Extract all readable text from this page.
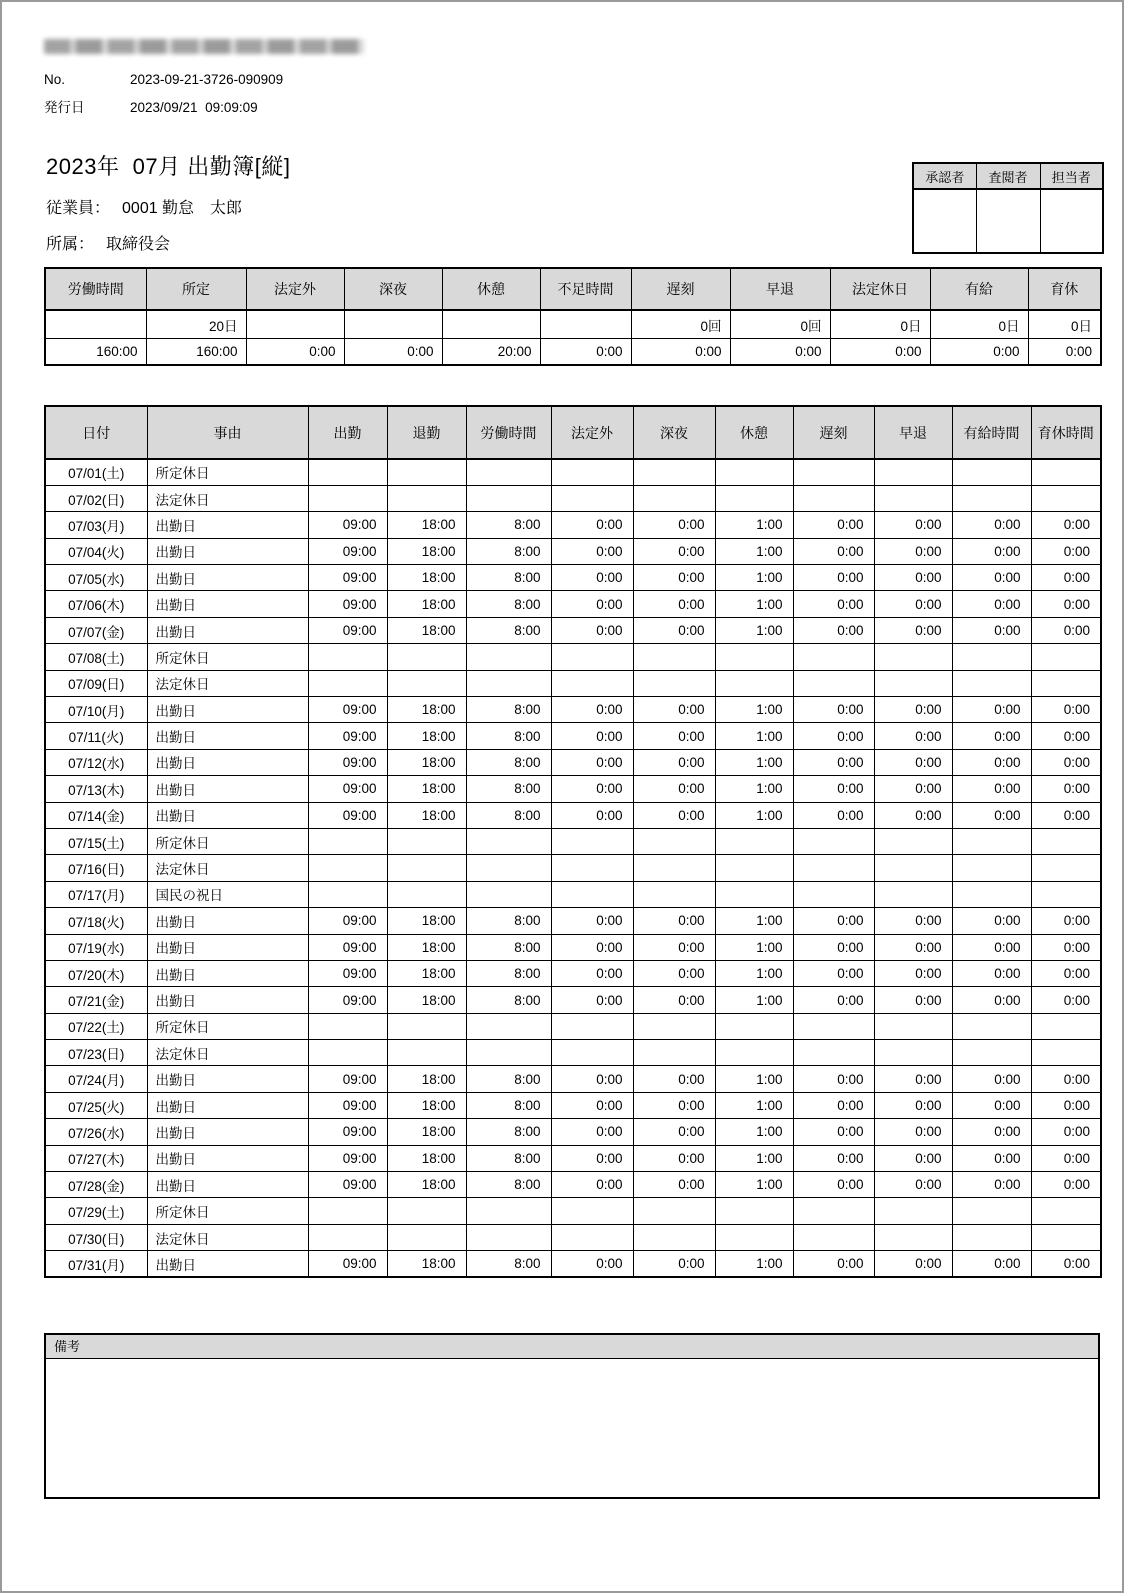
No.	2023-09-21-3726-090909
発行日	2023/09/21  09:09:09
2023年  07月 出勤簿[縦]
従業員： 0001 勤怠　太郎
所属： 取締役会
承認者	査閲者	担当者

労働時間	所定	法定外	深夜	休憩	不足時間	遅刻	早退	法定休日	有給	育休
	20日					0回	0回	0日	0日	0日
160:00	160:00	0:00	0:00	20:00	0:00	0:00	0:00	0:00	0:00	0:00
日付	事由	出勤	退勤	労働時間	法定外	深夜	休憩	遅刻	早退	有給時間	育休時間
07/01(土)	所定休日										
07/02(日)	法定休日										
07/03(月)	出勤日	09:00	18:00	8:00	0:00	0:00	1:00	0:00	0:00	0:00	0:00
07/04(火)	出勤日	09:00	18:00	8:00	0:00	0:00	1:00	0:00	0:00	0:00	0:00
07/05(水)	出勤日	09:00	18:00	8:00	0:00	0:00	1:00	0:00	0:00	0:00	0:00
07/06(木)	出勤日	09:00	18:00	8:00	0:00	0:00	1:00	0:00	0:00	0:00	0:00
07/07(金)	出勤日	09:00	18:00	8:00	0:00	0:00	1:00	0:00	0:00	0:00	0:00
07/08(土)	所定休日										
07/09(日)	法定休日										
07/10(月)	出勤日	09:00	18:00	8:00	0:00	0:00	1:00	0:00	0:00	0:00	0:00
07/11(火)	出勤日	09:00	18:00	8:00	0:00	0:00	1:00	0:00	0:00	0:00	0:00
07/12(水)	出勤日	09:00	18:00	8:00	0:00	0:00	1:00	0:00	0:00	0:00	0:00
07/13(木)	出勤日	09:00	18:00	8:00	0:00	0:00	1:00	0:00	0:00	0:00	0:00
07/14(金)	出勤日	09:00	18:00	8:00	0:00	0:00	1:00	0:00	0:00	0:00	0:00
07/15(土)	所定休日										
07/16(日)	法定休日										
07/17(月)	国民の祝日										
07/18(火)	出勤日	09:00	18:00	8:00	0:00	0:00	1:00	0:00	0:00	0:00	0:00
07/19(水)	出勤日	09:00	18:00	8:00	0:00	0:00	1:00	0:00	0:00	0:00	0:00
07/20(木)	出勤日	09:00	18:00	8:00	0:00	0:00	1:00	0:00	0:00	0:00	0:00
07/21(金)	出勤日	09:00	18:00	8:00	0:00	0:00	1:00	0:00	0:00	0:00	0:00
07/22(土)	所定休日										
07/23(日)	法定休日										
07/24(月)	出勤日	09:00	18:00	8:00	0:00	0:00	1:00	0:00	0:00	0:00	0:00
07/25(火)	出勤日	09:00	18:00	8:00	0:00	0:00	1:00	0:00	0:00	0:00	0:00
07/26(水)	出勤日	09:00	18:00	8:00	0:00	0:00	1:00	0:00	0:00	0:00	0:00
07/27(木)	出勤日	09:00	18:00	8:00	0:00	0:00	1:00	0:00	0:00	0:00	0:00
07/28(金)	出勤日	09:00	18:00	8:00	0:00	0:00	1:00	0:00	0:00	0:00	0:00
07/29(土)	所定休日										
07/30(日)	法定休日										
07/31(月)	出勤日	09:00	18:00	8:00	0:00	0:00	1:00	0:00	0:00	0:00	0:00
備考
